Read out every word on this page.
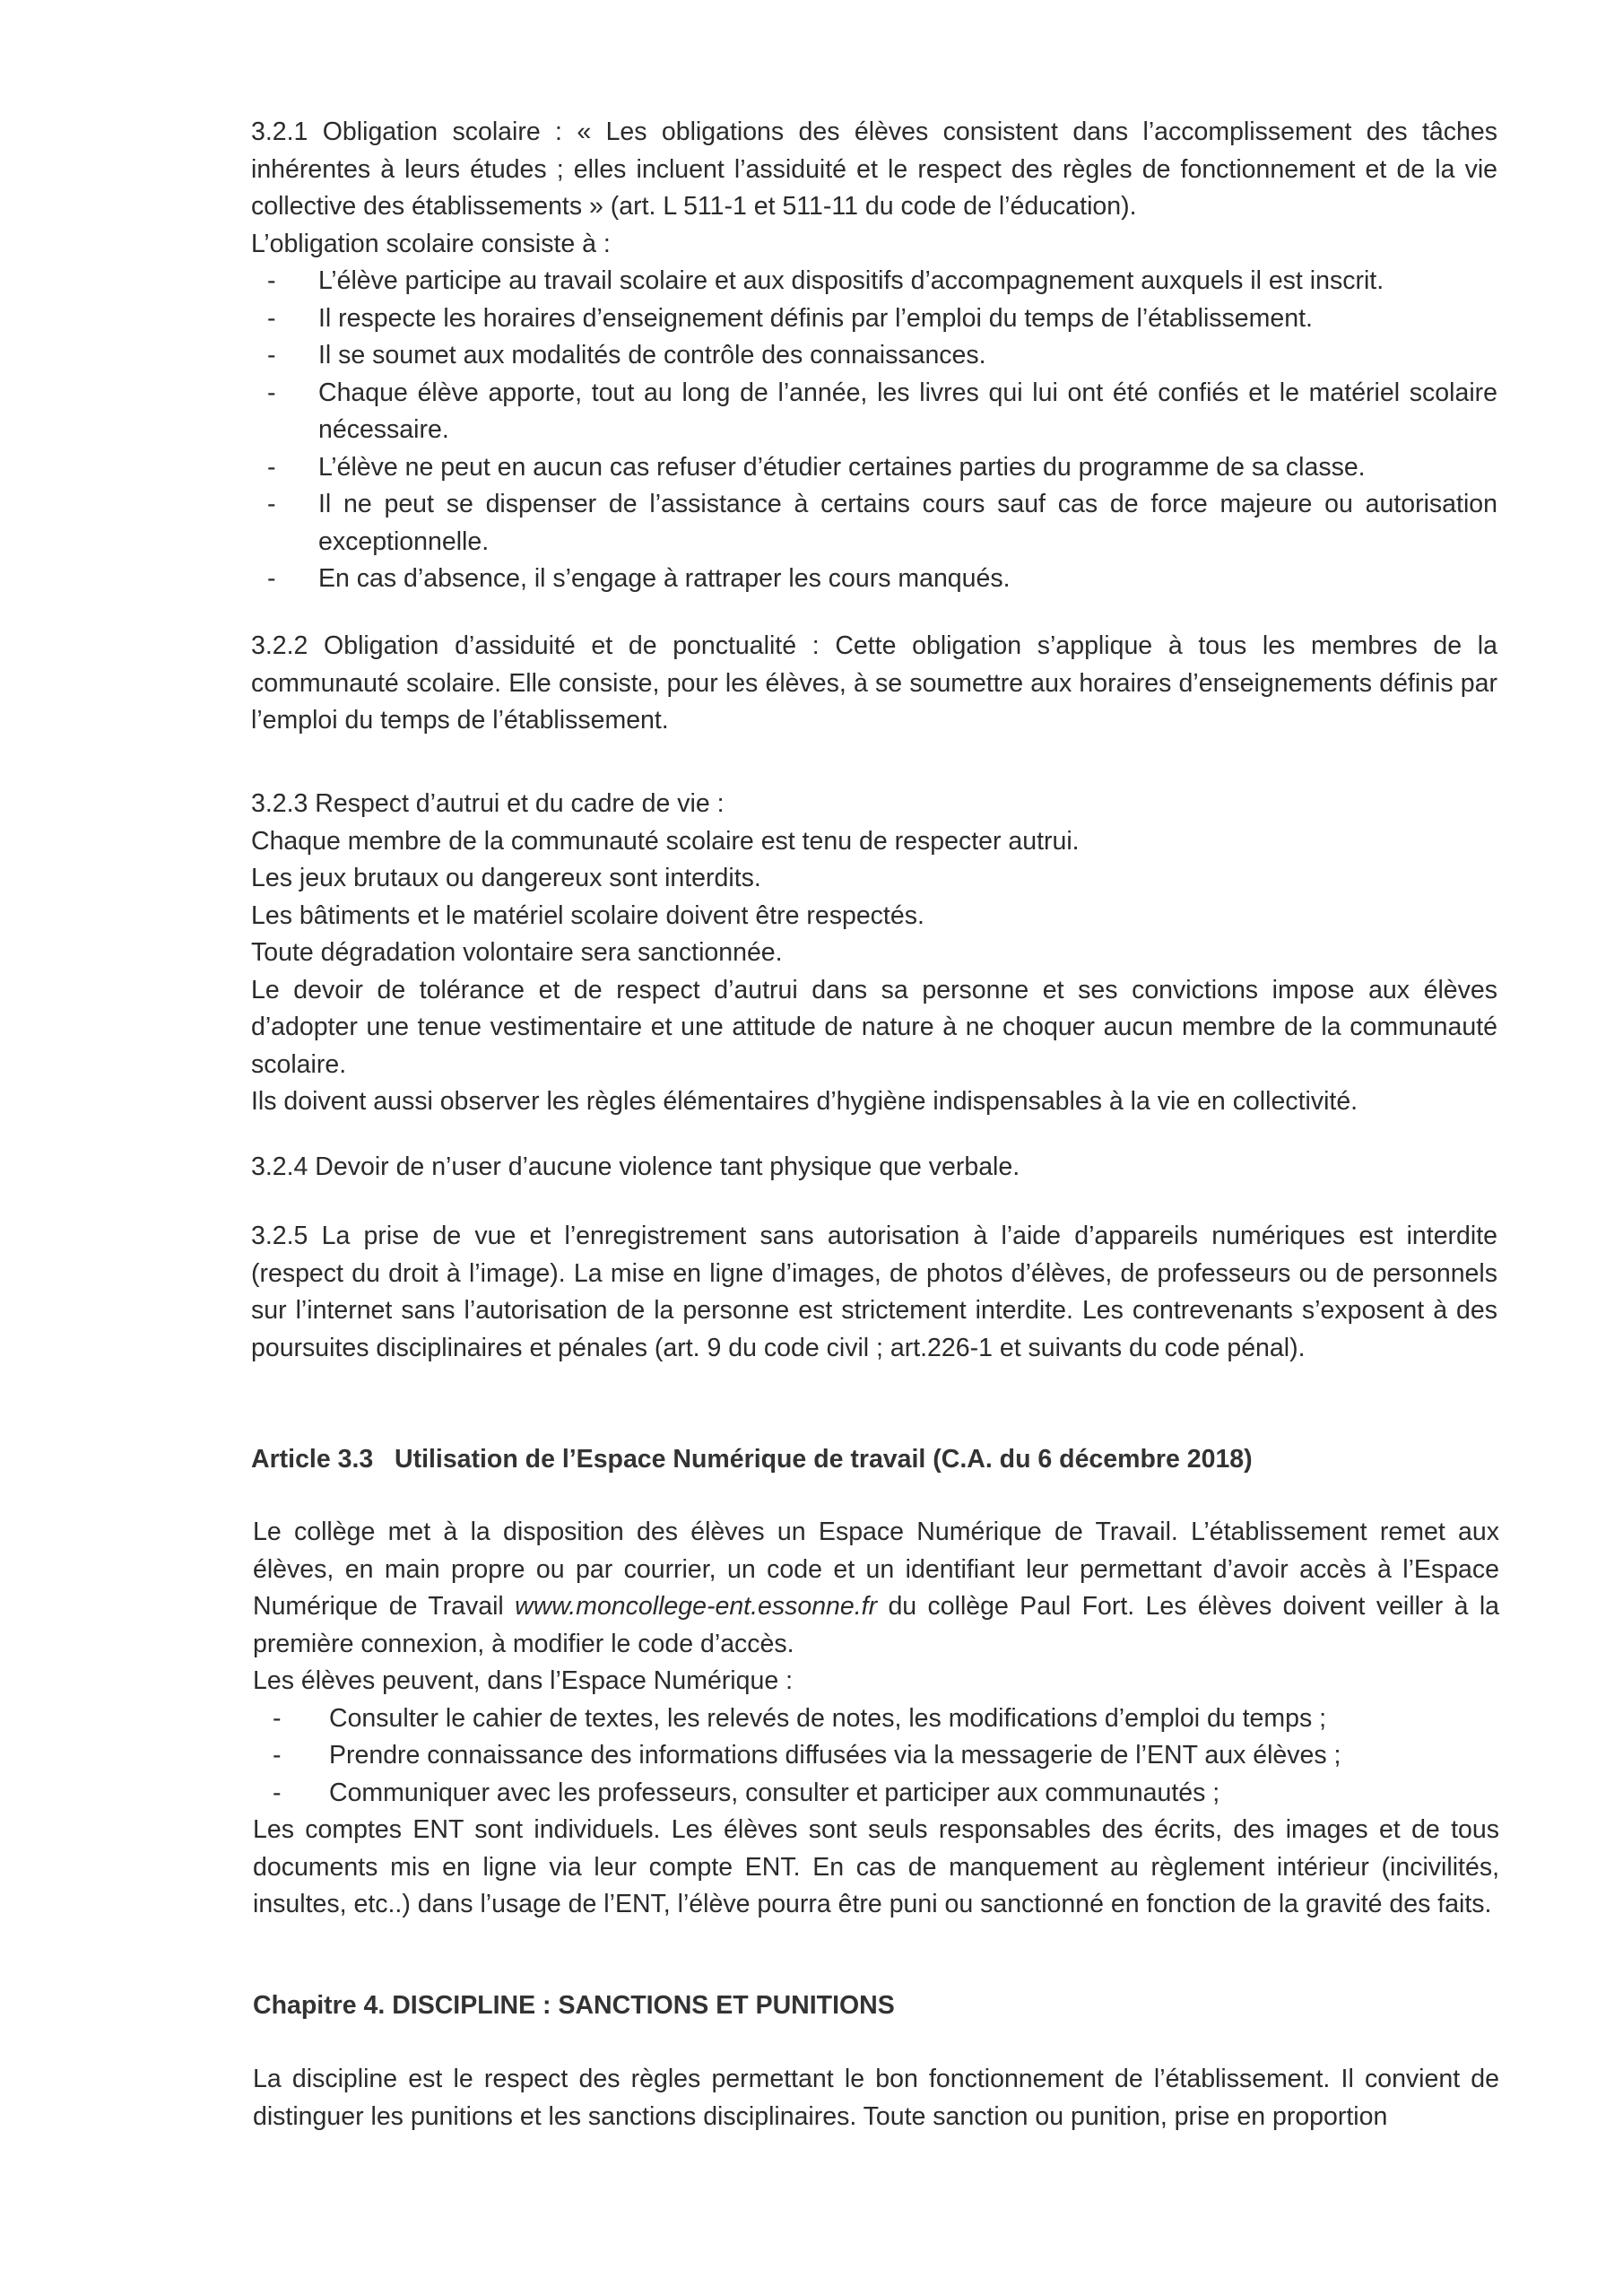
3.2.1 Obligation scolaire : « Les obligations des élèves consistent dans l’accomplissement des tâches inhérentes à leurs études ; elles incluent l’assiduité et le respect des règles de fonctionnement et de la vie collective des établissements » (art. L 511-1 et 511-11 du code de l’éducation).

L’obligation scolaire consiste à :

- L’élève participe au travail scolaire et aux dispositifs d’accompagnement auxquels il est inscrit.
- Il respecte les horaires d’enseignement définis par l’emploi du temps de l’établissement.
- Il se soumet aux modalités de contrôle des connaissances.
- Chaque élève apporte, tout au long de l’année, les livres qui lui ont été confiés et le matériel scolaire nécessaire.
- L’élève ne peut en aucun cas refuser d’étudier certaines parties du programme de sa classe.
- Il ne peut se dispenser de l’assistance à certains cours sauf cas de force majeure ou autorisation exceptionnelle.
- En cas d’absence, il s’engage à rattraper les cours manqués.

3.2.2 Obligation d’assiduité et de ponctualité : Cette obligation s’applique à tous les membres de la communauté scolaire. Elle consiste, pour les élèves, à se soumettre aux horaires d’enseignements définis par l’emploi du temps de l’établissement.

3.2.3 Respect d’autrui et du cadre de vie :

Chaque membre de la communauté scolaire est tenu de respecter autrui.

Les jeux brutaux ou dangereux sont interdits.

Les bâtiments et le matériel scolaire doivent être respectés.

Toute dégradation volontaire sera sanctionnée.

Le devoir de tolérance et de respect d’autrui dans sa personne et ses convictions impose aux élèves d’adopter une tenue vestimentaire et une attitude de nature à ne choquer aucun membre de la communauté scolaire.

Ils doivent aussi observer les règles élémentaires d’hygiène indispensables à la vie en collectivité.

3.2.4 Devoir de n’user d’aucune violence tant physique que verbale.

3.2.5 La prise de vue et l’enregistrement sans autorisation à l’aide d’appareils numériques est interdite (respect du droit à l’image). La mise en ligne d’images, de photos d’élèves, de professeurs ou de personnels sur l’internet sans l’autorisation de la personne est strictement interdite. Les contrevenants s’exposent à des poursuites disciplinaires et pénales (art. 9 du code civil ; art.226-1 et suivants du code pénal).

Article 3.3   Utilisation de l’Espace Numérique de travail (C.A. du 6 décembre 2018)

Le collège met à la disposition des élèves un Espace Numérique de Travail. L’établissement remet aux élèves, en main propre ou par courrier, un code et un identifiant leur permettant d’avoir accès à l’Espace Numérique de Travail www.moncollege-ent.essonne.fr du collège Paul Fort. Les élèves doivent veiller à la première connexion, à modifier le code d’accès.

Les élèves peuvent, dans l’Espace Numérique :

- Consulter le cahier de textes, les relevés de notes, les modifications d’emploi du temps ;
- Prendre connaissance des informations diffusées via la messagerie de l’ENT aux élèves ;
- Communiquer avec les professeurs, consulter et participer aux communautés ;

Les comptes ENT sont individuels. Les élèves sont seuls responsables des écrits, des images et de tous documents mis en ligne via leur compte ENT. En cas de manquement au règlement intérieur (incivilités, insultes, etc..) dans l’usage de l’ENT, l’élève pourra être puni ou sanctionné en fonction de la gravité des faits.

Chapitre 4. DISCIPLINE : SANCTIONS ET PUNITIONS

La discipline est le respect des règles permettant le bon fonctionnement de l’établissement. Il convient de distinguer les punitions et les sanctions disciplinaires. Toute sanction ou punition, prise en proportion
